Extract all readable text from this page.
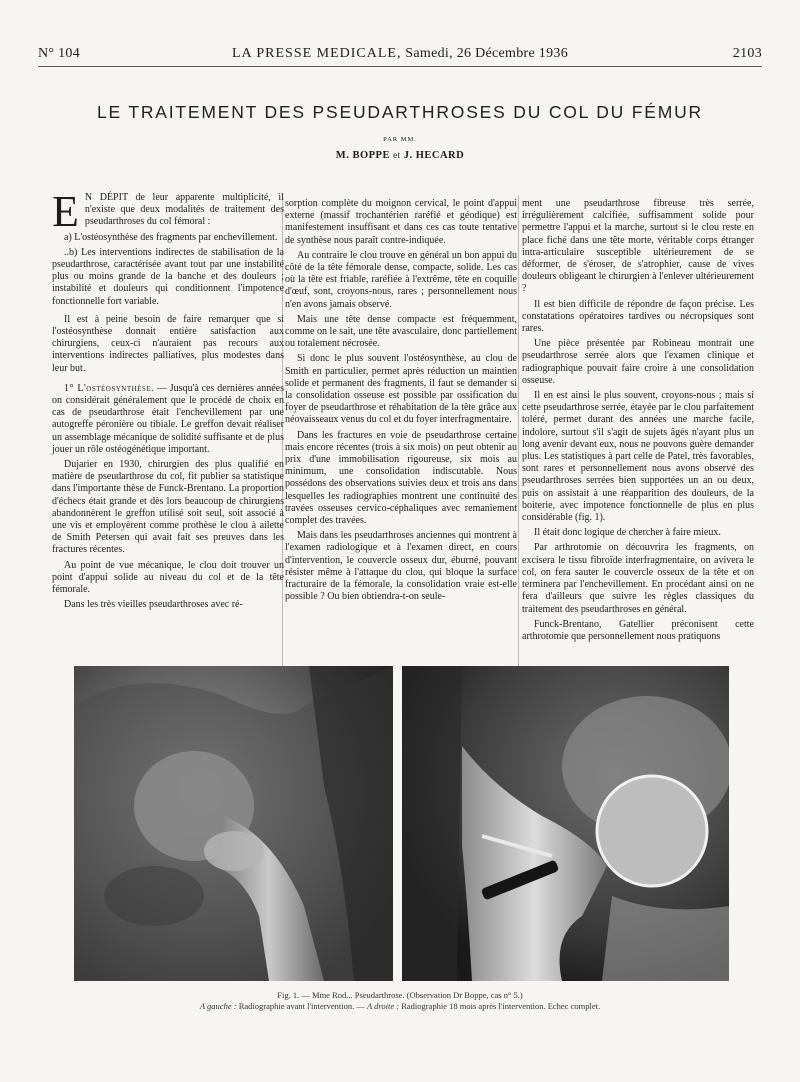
N° 104	LA PRESSE MEDICALE, Samedi, 26 Décembre 1936	2103
LE TRAITEMENT DES PSEUDARTHROSES DU COL DU FÉMUR
PAR MM.
M. BOPPE et J. HECARD

E N DÉPIT de leur apparente multiplicité, il n'existe que deux modalités de traitement des pseudarthroses du col fémoral :

a) L'ostéosynthèse des fragments par enchevillement.

..b) Les interventions indirectes de stabilisation de la pseudarthrose, caractérisée avant tout par une instabilité plus ou moins grande de la banche et des douleurs ; instabilité et douleurs qui conditionnent l'impotence fonctionnelle fort variable.

Il est à peine besoin de faire remarquer que si l'ostéosynthèse donnait entière satisfaction aux chirurgiens, ceux-ci n'auraient pas recours aux interventions indirectes palliatives, plus modestes dans leur but.

1° L'ostéosynthèse. — Jusqu'à ces dernières années on considérait généralement que le procédé de choix en cas de pseudarthrose était l'enchevillement par une autogreffe péronière ou tibiale. Le greffon devait réaliser un assemblage mécanique de solidité suffisante et de plus jouer un rôle ostéogénétique important.

Dujarier en 1930, chirurgien des plus qualifié en matière de pseudarthrose du col, fit publier sa statistique dans l'importante thèse de Funck-Brentano. La proportion d'échecs était grande et dès lors beaucoup de chirurgiens abandonnèrent le greffon utilisé soit seul, soit associé à une vis et employèrent comme prothèse le clou à ailette de Smith Petersen qui avait fait ses preuves dans les fractures récentes.

Au point de vue mécanique, le clou doit trouver un point d'appui solide au niveau du col et de la tête fémorale.

Dans les très vieilles pseudarthroses avec ré-

sorption complète du moignon cervical, le point d'appui externe (massif trochantérien raréfié et géodique) est manifestement insuffisant et dans ces cas toute tentative de synthèse nous paraît contre-indiquée.

Au contraire le clou trouve en général un bon appui du côté de la tête fémorale dense, compacte, solide. Les cas où la tête est friable, raréfiée à l'extrême, tête en coquille d'œuf, sont, croyons-nous, rares ; personnellement nous n'en avons jamais observé.

Mais une tête dense compacte est fréquemment, comme on le sait, une tête avasculaire, donc partiellement ou totalement nécrosée.

Si donc le plus souvent l'ostéosynthèse, au clou de Smith en particulier, permet après réduction un maintien solide et permanent des fragments, il faut se demander si la consolidation osseuse est possible par ossification du foyer de pseudarthrose et réhabitation de la tête grâce aux néovaisseaux venus du col et du foyer interfragmentaire.

Dans les fractures en voie de pseudarthrose certaine mais encore récentes (trois à six mois) on peut obtenir au prix d'une immobilisation rigoureuse, six mois au minimum, une consolidation indiscutable. Nous possédons des observations suivies deux et trois ans dans lesquelles les radiographies montrent une continuité des travées osseuses cervico-céphaliques avec remaniement complet des travées.

Mais dans les pseudarthroses anciennes qui montrent à l'examen radiologique et à l'examen direct, en cours d'intervention, le couvercle osseux dur, éburné, pouvant résister même à l'attaque du clou, qui bloque la surface fracturaire de la fémorale, la consolidation vraie est-elle possible ? Ou bien obtiendra-t-on seule-

ment une pseudarthrose fibreuse très serrée, irrégulièrement calcifiée, suffisamment solide pour permettre l'appui et la marche, surtout si le clou reste en place fiché dans une tête morte, véritable corps étranger intra-articulaire susceptible ultérieurement de se déformer, de s'éroser, de s'atrophier, cause de vives douleurs obligeant le chirurgien à l'enlever ultérieurement ?

Il est bien difficile de répondre de façon précise. Les constatations opératoires tardives ou nécropsiques sont rares.

Une pièce présentée par Robineau montrait une pseudarthrose serrée alors que l'examen clinique et radiographique pouvait faire croire à une consolidation osseuse.

Il en est ainsi le plus souvent, croyons-nous ; mais si cette pseudarthrose serrée, étayée par le clou parfaitement toléré, permet durant des années une marche facile, indolore, surtout s'il s'agit de sujets âgés n'ayant plus un long avenir devant eux, nous ne pouvons guère demander plus. Les statistiques à part celle de Patel, très favorables, sont rares et personnellement nous avons observé des pseudarthroses serrées bien supportées un an ou deux, puis on assistait à une réapparition des douleurs, de la boiterie, avec impotence fonctionnelle de plus en plus considérable (fig. 1).

Il était donc logique de chercher à faire mieux.

Par arthrotomie on découvrira les fragments, on excisera le tissu fibroïde interfragmentaire, on avivera le col, on fera sauter le couvercle osseux de la tête et on terminera par l'enchevillement. En procédant ainsi on ne fera d'ailleurs que suivre les règles classiques du traitement des pseudarthroses en général.

Funck-Brentano, Gatellier préconisent cette arthrotomie que personnellement nous pratiquons

Fig. 1. — Mme Rod... Pseudarthrose. (Observation Dr Boppe, cas n° 5.)
A gauche : Radiographie avant l'intervention. — A droite : Radiographie 18 mois après l'intervention. Echec complet.
